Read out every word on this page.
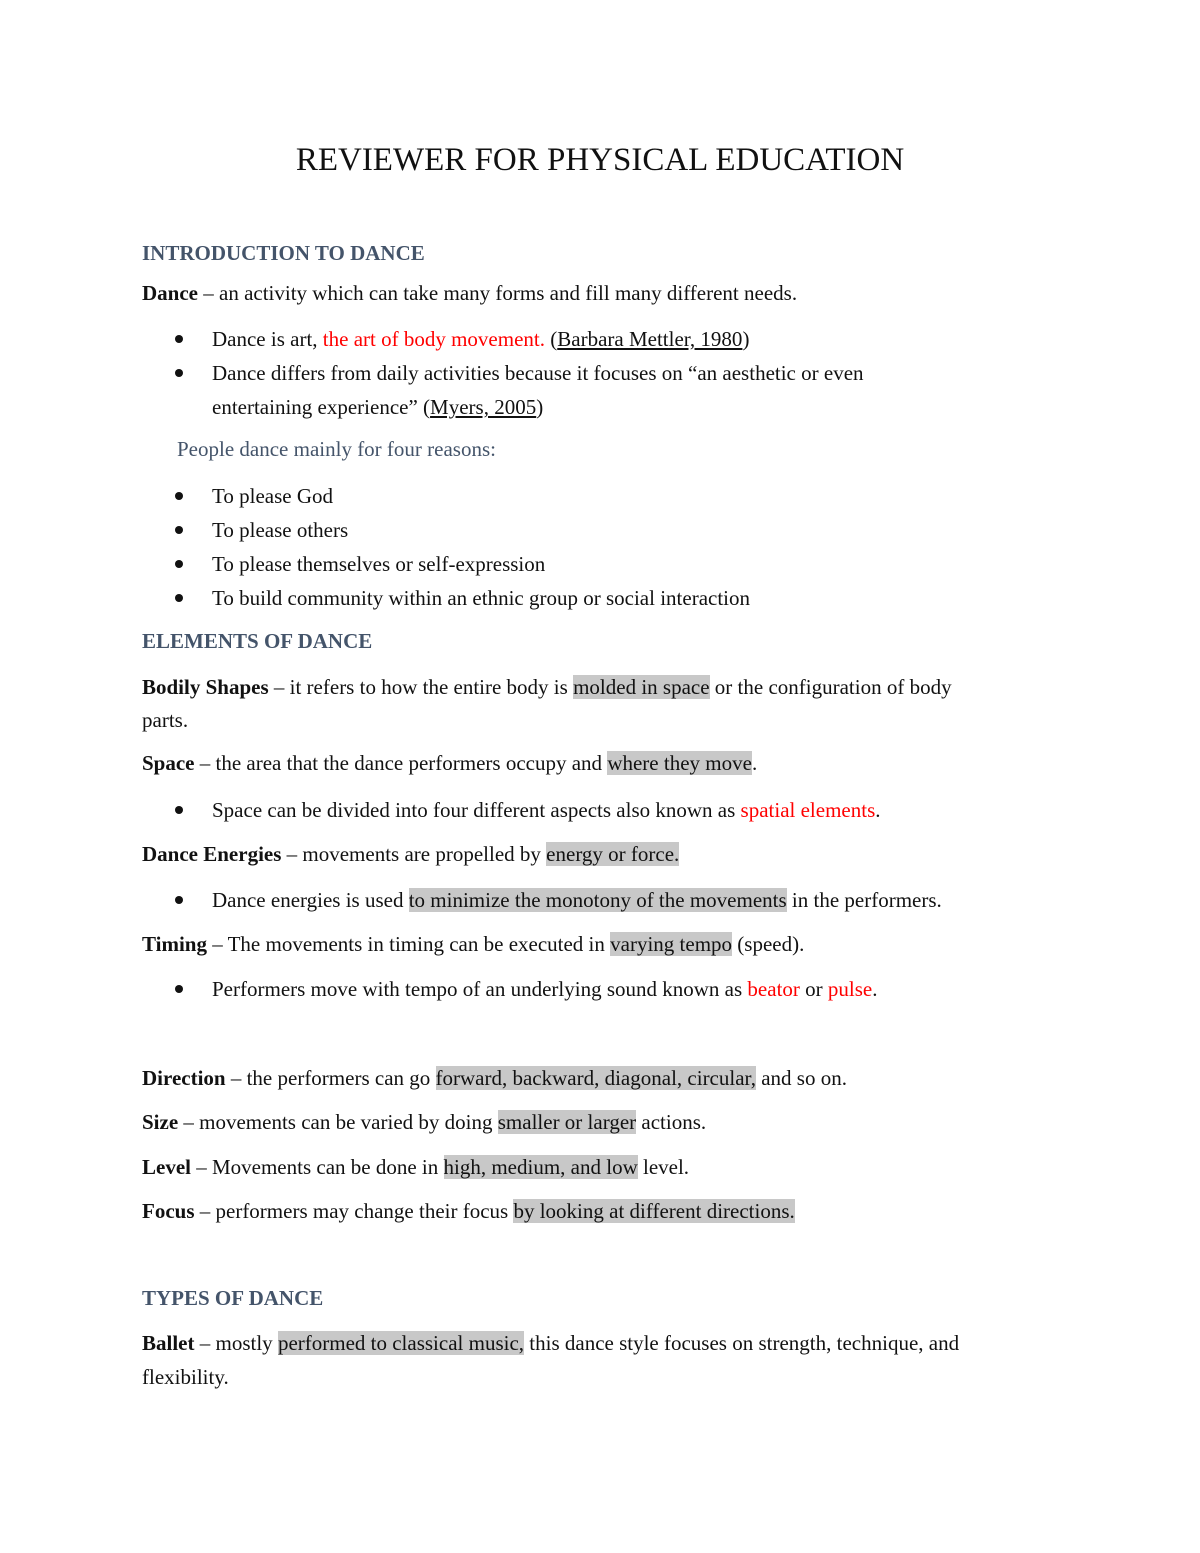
REVIEWER FOR PHYSICAL EDUCATION
INTRODUCTION TO DANCE
Dance – an activity which can take many forms and fill many different needs.
Dance is art, the art of body movement. (Barbara Mettler, 1980)
Dance differs from daily activities because it focuses on “an aesthetic or even
entertaining experience” (Myers, 2005)
People dance mainly for four reasons:
To please God
To please others
To please themselves or self-expression
To build community within an ethnic group or social interaction
ELEMENTS OF DANCE
Bodily Shapes – it refers to how the entire body is molded in space or the configuration of body
parts.
Space – the area that the dance performers occupy and where they move.
Space can be divided into four different aspects also known as spatial elements.
Dance Energies – movements are propelled by energy or force.
Dance energies is used to minimize the monotony of the movements in the performers.
Timing – The movements in timing can be executed in varying tempo (speed).
Performers move with tempo of an underlying sound known as beator or pulse.
Direction – the performers can go forward, backward, diagonal, circular, and so on.
Size – movements can be varied by doing smaller or larger actions.
Level – Movements can be done in high, medium, and low level.
Focus – performers may change their focus by looking at different directions.
TYPES OF DANCE
Ballet – mostly performed to classical music, this dance style focuses on strength, technique, and
flexibility.
